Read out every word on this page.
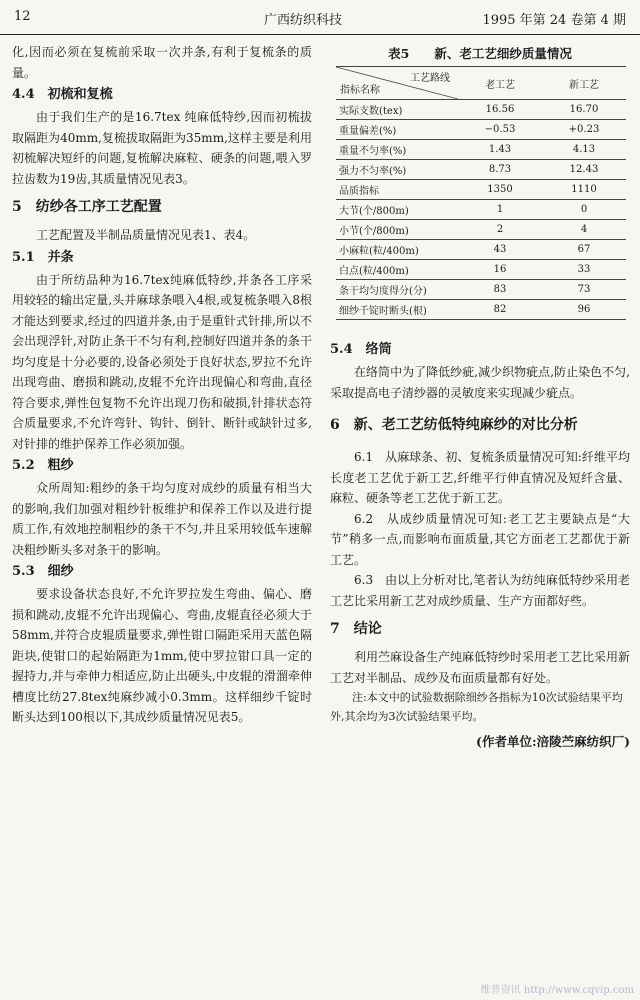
12	广西纺织科技	1995 年第 24 卷第 4 期

化,因而必须在复梳前采取一次并条,有利于复梳条的质量。

4.4　初梳和复梳

由于我们生产的是16.7tex 纯麻低特纱,因而初梳拔取隔距为40mm,复梳拔取隔距为35mm,这样主要是利用初梳解决短纤的问题,复梳解决麻粒、硬条的问题,喂入罗拉齿数为19齿,其质量情况见表3。

5　纺纱各工序工艺配置

工艺配置及半制品质量情况见表1、表4。

5.1　并条

由于所纺品种为16.7tex纯麻低特纱,并条各工序采用较轻的输出定量,头并麻球条喂入4根,或复梳条喂入8根才能达到要求,经过的四道并条,由于是重针式针排,所以不会出现浮针,对防止条干不匀有利,控制好四道并条的条干均匀度是十分必要的,设备必须处于良好状态,罗拉不允许出现弯曲、磨损和跳动,皮辊不允许出现偏心和弯曲,直径符合要求,弹性包复物不允许出现刀伤和破损,针排状态符合质量要求,不允许弯针、钩针、倒针、断针或缺针过多,对针排的维护保养工作必须加强。

5.2　粗纱

众所周知:粗纱的条干均匀度对成纱的质量有相当大的影响,我们加强对粗纱针板维护和保养工作以及进行提质工作,有效地控制粗纱的条干不匀,并且采用较低车速解决粗纱断头多对条干的影响。

5.3　细纱

要求设备状态良好,不允许罗拉发生弯曲、偏心、磨损和跳动,皮辊不允许出现偏心、弯曲,皮辊直径必须大于58mm,并符合皮辊质量要求,弹性钳口隔距采用天蓝色隔距块,使钳口的起始隔距为1mm,使中罗拉钳口具一定的握持力,并与牵伸力相适应,防止出硬头,中皮辊的滑溜牵伸槽度比纺27.8tex纯麻纱减小0.3mm。这样细纱千锭时断头达到100根以下,其成纱质量情况见表5。

表5　　新、老工艺细纱质量情况
工艺路线
指标名称	老工艺	新工艺
实际支数(tex)	16.56	16.70
重量偏差(%)	−0.53	+0.23
重量不匀率(%)	1.43	4.13
强力不匀率(%)	8.73	12.43
品质指标	1350	1110
大节(个/800m)	1	0
小节(个/800m)	2	4
小麻粒(粒/400m)	43	67
白点(粒/400m)	16	33
条干均匀度得分(分)	83	73
细纱千锭时断头(根)	82	96
5.4　络筒

在络筒中为了降低纱疵,减少织物疵点,防止染色不匀,采取提高电子清纱器的灵敏度来实现减少疵点。

6　新、老工艺纺低特纯麻纱的对比分析

6.1　从麻球条、初、复梳条质量情况可知:纤维平均长度老工艺优于新工艺,纤维平行伸直情况及短纤含量、麻粒、硬条等老工艺优于新工艺。

6.2　从成纱质量情况可知:老工艺主要缺点是“大节”稍多一点,而影响布面质量,其它方面老工艺都优于新工艺。

6.3　由以上分析对比,笔者认为纺纯麻低特纱采用老工艺比采用新工艺对成纱质量、生产方面都好些。

7　结论

利用苎麻设备生产纯麻低特纱时采用老工艺比采用新工艺对半制品、成纱及布面质量都有好处。

注:本文中的试验数据除细纱各指标为10次试验结果平均外,其余均为3次试验结果平均。
(作者单位:涪陵苎麻纺织厂)
维普资讯 http://www.cqvip.com
